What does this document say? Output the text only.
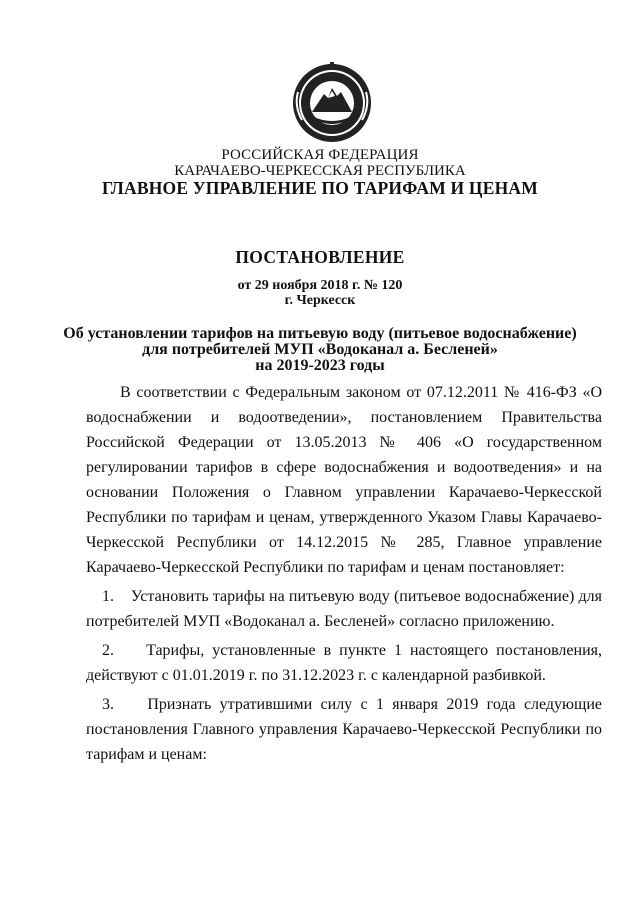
РОССИЙСКАЯ ФЕДЕРАЦИЯ
КАРАЧАЕВО-ЧЕРКЕССКАЯ РЕСПУБЛИКА
ГЛАВНОЕ УПРАВЛЕНИЕ ПО ТАРИФАМ И ЦЕНАМ
ПОСТАНОВЛЕНИЕ
от 29 ноября 2018 г. № 120
г. Черкесск
Об установлении тарифов на питьевую воду (питьевое водоснабжение)
для потребителей МУП «Водоканал а. Бесленей»
на 2019-2023 годы

В соответствии с Федеральным законом от 07.12.2011 № 416-ФЗ «О водоснабжении и водоотведении», постановлением Правительства Российской Федерации от 13.05.2013 № 406 «О государственном регулировании тарифов в сфере водоснабжения и водоотведения» и на основании Положения о Главном управлении Карачаево-Черкесской Республики по тарифам и ценам, утвержденного Указом Главы Карачаево-Черкесской Республики от 14.12.2015 № 285, Главное управление Карачаево-Черкесской Республики по тарифам и ценам постановляет:

1. Установить тарифы на питьевую воду (питьевое водоснабжение) для потребителей МУП «Водоканал а. Бесленей» согласно приложению.

2. Тарифы, установленные в пункте 1 настоящего постановления, действуют с 01.01.2019 г. по 31.12.2023 г. с календарной разбивкой.

3. Признать утратившими силу с 1 января 2019 года следующие постановления Главного управления Карачаево-Черкесской Республики по тарифам и ценам:
